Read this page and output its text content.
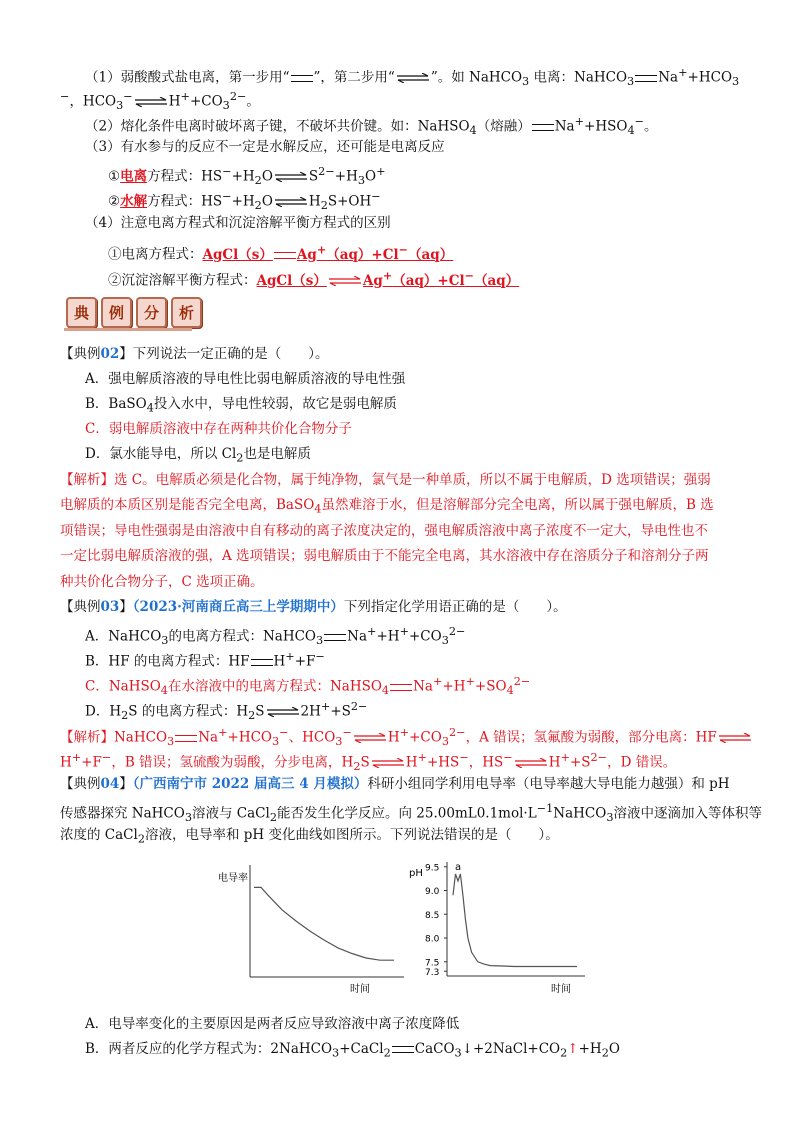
（1）弱酸酸式盐电离，第一步用“ ”，第二步用“⇌”。如 NaHCO$_3$ 电离：NaHCO$_3$ $Na^++HCO_3$
−，$HCO_3^-\rightleftharpoons H^++CO_3^{2-}$。
（2）熔化条件电离时破坏离子键，不破坏共价键。如：NaHSO$_4$（熔融） $Na^++HSO_4^-$。
（3）有水参与的反应不一定是水解反应，还可能是电离反应
①电离方程式：$HS^-+H_2O\rightleftharpoons S^{2-}+H_3O^+$
②水解方程式：$HS^-+H_2O\rightleftharpoons H_2S+OH^-$
（4）注意电离方程式和沉淀溶解平衡方程式的区别
①电离方程式：AgCl（s） Ag+（aq）+Cl−（aq）
②沉淀溶解平衡方程式：AgCl（s）⇌Ag+（aq）+Cl−（aq）
典	例	分	析
【典例02】下列说法一定正确的是（　　）。
A．强电解质溶液的导电性比弱电解质溶液的导电性强
B．BaSO$_4$投入水中，导电性较弱，故它是弱电解质
C．弱电解质溶液中存在两种共价化合物分子
D．氯水能导电，所以 $Cl_2$也是电解质
【解析】选 C。电解质必须是化合物，属于纯净物，氯气是一种单质，所以不属于电解质，D 选项错误；强弱
电解质的本质区别是能否完全电离，BaSO$_4$虽然难溶于水，但是溶解部分完全电离，所以属于强电解质，B 选
项错误；导电性强弱是由溶液中自有移动的离子浓度决定的，强电解质溶液中离子浓度不一定大，导电性也不
一定比弱电解质溶液的强，A 选项错误；弱电解质由于不能完全电离，其水溶液中存在溶质分子和溶剂分子两
种共价化合物分子，C 选项正确。
【典例03】（2023·河南商丘高三上学期期中）下列指定化学用语正确的是（　　）。
A．NaHCO$_3$的电离方程式：NaHCO$_3$ $Na^++H^++CO_3^{2-}$
B．HF 的电离方程式：HF H++F−
C．NaHSO$_4$在水溶液中的电离方程式：NaHSO$_4$ $Na^++H^++SO_4^{2-}$
D．$H_2S$ 的电离方程式：$H_2S\rightleftharpoons 2H^++S^{2-}$
【解析】NaHCO$_3$ $Na^++HCO_3^-$、$HCO_3^-\rightleftharpoons H^++CO_3^{2-}$，A 错误；氢氟酸为弱酸，部分电离：HF⇌
H++F−，B 错误；氢硫酸为弱酸，分步电离，$H_2S\rightleftharpoons H^++HS^-$，$HS^-\rightleftharpoons H^++S^{2-}$，D 错误。
【典例04】（广西南宁市 2022 届高三 4 月模拟）科研小组同学利用电导率（电导率越大导电能力越强）和 pH
传感器探究 NaHCO$_3$溶液与 CaCl$_2$能否发生化学反应。向 $25.00mL0.1mol\cdot L^{-1}NaHCO_3$溶液中逐滴加入等体积等
浓度的 CaCl$_2$溶液，电导率和 pH 变化曲线如图所示。下列说法错误的是（　　）。
电导率
时间
pH
时间
a
9.5
9.0
8.5
8.0
7.5
7.3
A．电导率变化的主要原因是两者反应导致溶液中离子浓度降低
B．两者反应的化学方程式为：2NaHCO$_3$+CaCl$_2$ $CaCO_3↓+2NaCl+CO_2↑+H_2O$
